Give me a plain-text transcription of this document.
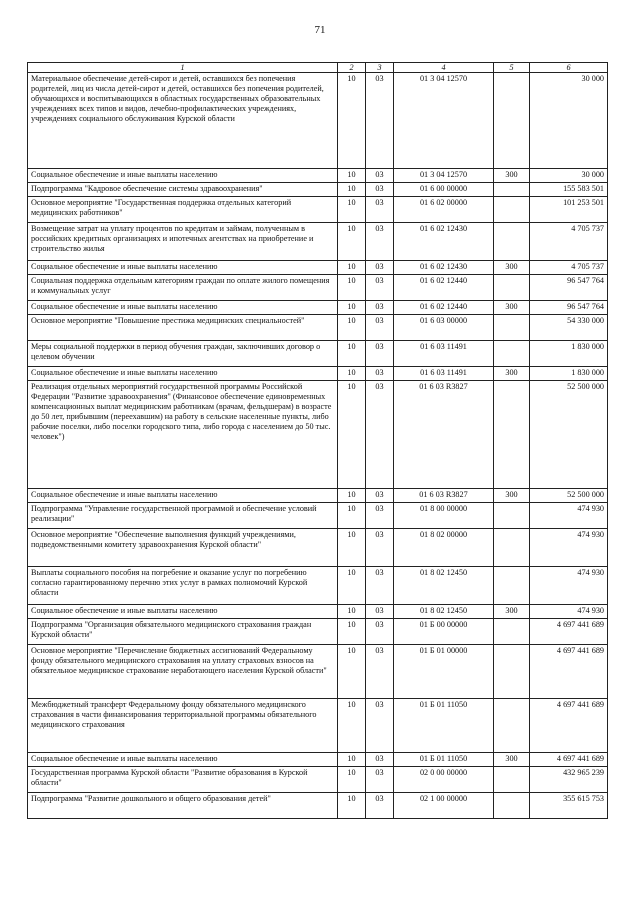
71
1	2	3	4	5	6
Материальное обеспечение детей-сирот и детей, оставшихся без попечения родителей, лиц из числа детей-сирот и детей, оставшихся без попечения родителей, обучающихся и воспитывающихся в областных государственных образовательных учреждениях всех типов и видов, лечебно-профилактических учреждениях, учреждениях социального обслуживания Курской области	10	03	01 3 04 12570		30 000
Социальное обеспечение и иные выплаты населению	10	03	01 3 04 12570	300	30 000
Подпрограмма "Кадровое обеспечение системы здравоохранения"	10	03	01 6 00 00000		155 583 501
Основное мероприятие "Государственная поддержка отдельных категорий медицинских работников"	10	03	01 6 02 00000		101 253 501
Возмещение затрат на уплату процентов по кредитам и займам, полученным в российских кредитных организациях и ипотечных агентствах на приобретение и строительство жилья	10	03	01 6 02 12430		4 705 737
Социальное обеспечение и иные выплаты населению	10	03	01 6 02 12430	300	4 705 737
Социальная поддержка отдельным категориям граждан по оплате жилого помещения и коммунальных услуг	10	03	01 6 02 12440		96 547 764
Социальное обеспечение и иные выплаты населению	10	03	01 6 02 12440	300	96 547 764
Основное мероприятие "Повышение престижа медицинских специальностей"	10	03	01 6 03 00000		54 330 000
Меры социальной поддержки в период обучения граждан, заключивших договор о целевом обучении	10	03	01 6 03 11491		1 830 000
Социальное обеспечение и иные выплаты населению	10	03	01 6 03 11491	300	1 830 000
Реализация отдельных мероприятий государственной программы Российской Федерации "Развитие здравоохранения" (Финансовое обеспечение единовременных компенсационных выплат медицинским работникам (врачам, фельдшерам) в возрасте до 50 лет, прибывшим (переехавшим) на работу в сельские населенные пункты, либо рабочие поселки, либо поселки городского типа, либо города с населением до 50 тыс. человек")	10	03	01 6 03 R3827		52 500 000
Социальное обеспечение и иные выплаты населению	10	03	01 6 03 R3827	300	52 500 000
Подпрограмма "Управление государственной программой и обеспечение условий реализации"	10	03	01 8 00 00000		474 930
Основное мероприятие "Обеспечение выполнения функций учреждениями, подведомственными комитету здравоохранения Курской области"	10	03	01 8 02 00000		474 930
Выплаты социального пособия на погребение и оказание услуг по погребению согласно гарантированному перечню этих услуг в рамках полномочий Курской области	10	03	01 8 02 12450		474 930
Социальное обеспечение и иные выплаты населению	10	03	01 8 02 12450	300	474 930
Подпрограмма "Организация обязательного медицинского страхования граждан Курской области"	10	03	01 Б 00 00000		4 697 441 689
Основное мероприятие "Перечисление бюджетных ассигнований Федеральному фонду обязательного медицинского страхования на уплату страховых взносов на обязательное медицинское страхование неработающего населения Курской области"	10	03	01 Б 01 00000		4 697 441 689
Межбюджетный трансферт Федеральному фонду обязательного медицинского страхования в части финансирования территориальной программы обязательного медицинского страхования	10	03	01 Б 01 11050		4 697 441 689
Социальное обеспечение и иные выплаты населению	10	03	01 Б 01 11050	300	4 697 441 689
Государственная программа Курской области "Развитие образования в Курской области"	10	03	02 0 00 00000		432 965 239
Подпрограмма "Развитие дошкольного и общего образования детей"	10	03	02 1 00 00000		355 615 753
